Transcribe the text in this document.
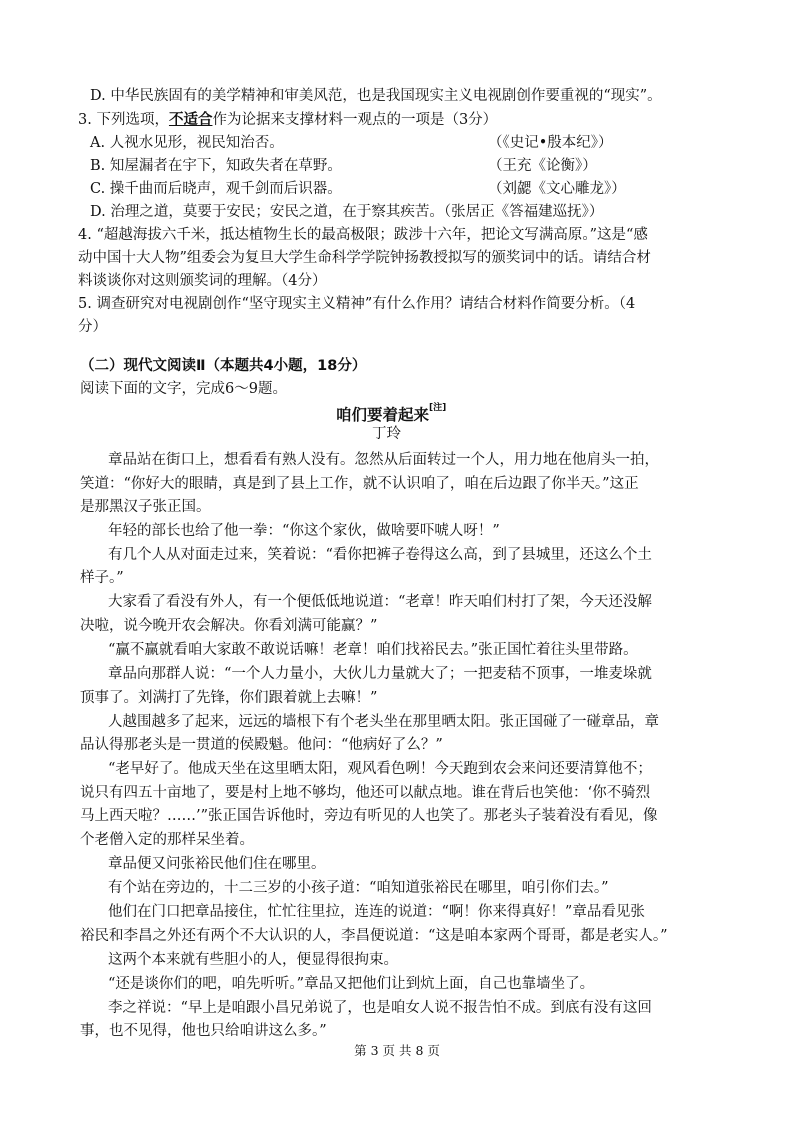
D. 中华民族固有的美学精神和审美风范，也是我国现实主义电视剧创作要重视的“现实”。
3. 下列选项，不适合作为论据来支撑材料一观点的一项是（3分）
A. 人视水见形，视民知治否。	（《史记•殷本纪》）
B. 知屋漏者在宇下，知政失者在草野。	（王充《论衡》）
C. 操千曲而后晓声，观千剑而后识器。	（刘勰《文心雕龙》）
D. 治理之道，莫要于安民；安民之道，在于察其疾苦。（张居正《答福建巡抚》）
4. “超越海拔六千米，抵达植物生长的最高极限；跋涉十六年，把论文写满高原。”这是“感
动中国十大人物”组委会为复旦大学生命科学学院钟扬教授拟写的颁奖词中的话。请结合材
料谈谈你对这则颁奖词的理解。（4分）
5. 调查研究对电视剧创作“坚守现实主义精神”有什么作用？请结合材料作简要分析。（4
分）
（二）现代文阅读Ⅱ（本题共4小题，18分）
阅读下面的文字，完成6～9题。
咱们要着起来[注]
丁玲
章品站在街口上，想看看有熟人没有。忽然从后面转过一个人，用力地在他肩头一拍，
笑道：“你好大的眼睛，真是到了县上工作，就不认识咱了，咱在后边跟了你半天。”这正
是那黑汉子张正国。
年轻的部长也给了他一拳：“你这个家伙，做啥要吓唬人呀！”
有几个人从对面走过来，笑着说：“看你把裤子卷得这么高，到了县城里，还这么个土
样子。”
大家看了看没有外人，有一个便低低地说道：“老章！昨天咱们村打了架，今天还没解
决啦，说今晚开农会解决。你看刘满可能赢？”
“赢不赢就看咱大家敢不敢说话嘛！老章！咱们找裕民去。”张正国忙着往头里带路。
章品向那群人说：“一个人力量小，大伙儿力量就大了；一把麦秸不顶事，一堆麦垛就
顶事了。刘满打了先锋，你们跟着就上去嘛！”
人越围越多了起来，远远的墙根下有个老头坐在那里晒太阳。张正国碰了一碰章品，章
品认得那老头是一贯道的侯殿魁。他问：“他病好了么？”
“老早好了。他成天坐在这里晒太阳，观风看色咧！今天跑到农会来问还要清算他不；
说只有四五十亩地了，要是村上地不够均，他还可以献点地。谁在背后也笑他：‘你不骑烈
马上西天啦？……’”张正国告诉他时，旁边有听见的人也笑了。那老头子装着没有看见，像
个老僧入定的那样呆坐着。
章品便又问张裕民他们住在哪里。
有个站在旁边的，十二三岁的小孩子道：“咱知道张裕民在哪里，咱引你们去。”
他们在门口把章品接住，忙忙往里拉，连连的说道：“啊！你来得真好！”章品看见张
裕民和李昌之外还有两个不大认识的人，李昌便说道：“这是咱本家两个哥哥，都是老实人。”
这两个本来就有些胆小的人，便显得很拘束。
“还是谈你们的吧，咱先听听。”章品又把他们让到炕上面，自己也靠墙坐了。
李之祥说：“早上是咱跟小昌兄弟说了，也是咱女人说不报告怕不成。到底有没有这回
事，也不见得，他也只给咱讲这么多。”
第 3 页 共 8 页
